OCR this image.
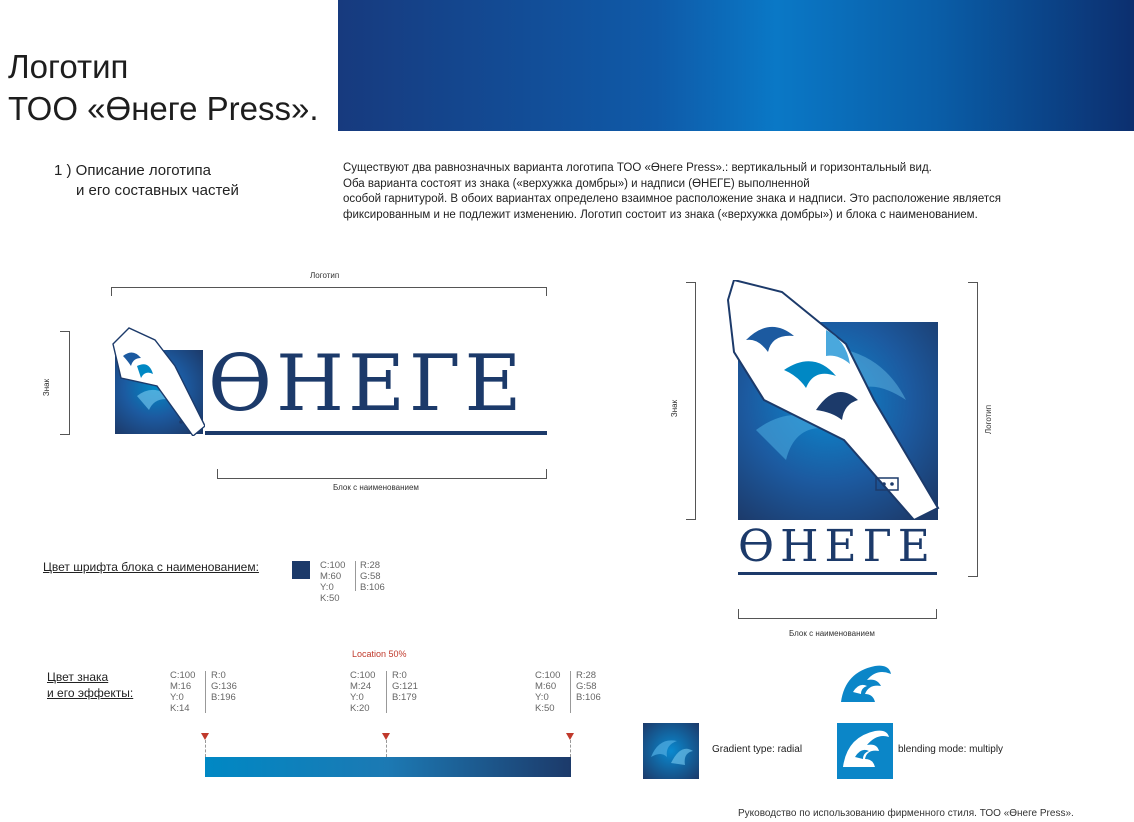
Логотип
ТОО «Өнеге Press».
1 ) Описание логотипа
и его составных частей
Существуют два равнозначных варианта логотипа ТОО «Өнеге Press».: вертикальный и горизонтальный вид.
Оба варианта состоят из знака («верхужка домбры») и надписи (ӨНЕГЕ) выполненной
особой гарнитурой. В обоих вариантах определено взаимное расположение знака и надписи. Это расположение является
фиксированным и не подлежит изменению. Логотип состоит из знака («верхужка домбры») и блока с наименованием.
Логотип
Знак ӨНЕГЕ
Блок с наименованием
Знак	Логотип
ӨНЕГЕ
Блок с наименованием
Цвет шрифта блока с наименованием:	C:100
M:60
Y:0
K:50
R:28
G:58
B:106
Цвет знака
и его эффекты:
Location 50%
C:100
M:16
Y:0
K:14
R:0
G:136
B:196
C:100
M:24
Y:0
K:20
R:0
G:121
B:179
C:100
M:60
Y:0
K:50
R:28
G:58
B:106
Gradient type: radial	blending mode: multiply
Руководство по использованию фирменного стиля. ТОО «Өнеге Press».
